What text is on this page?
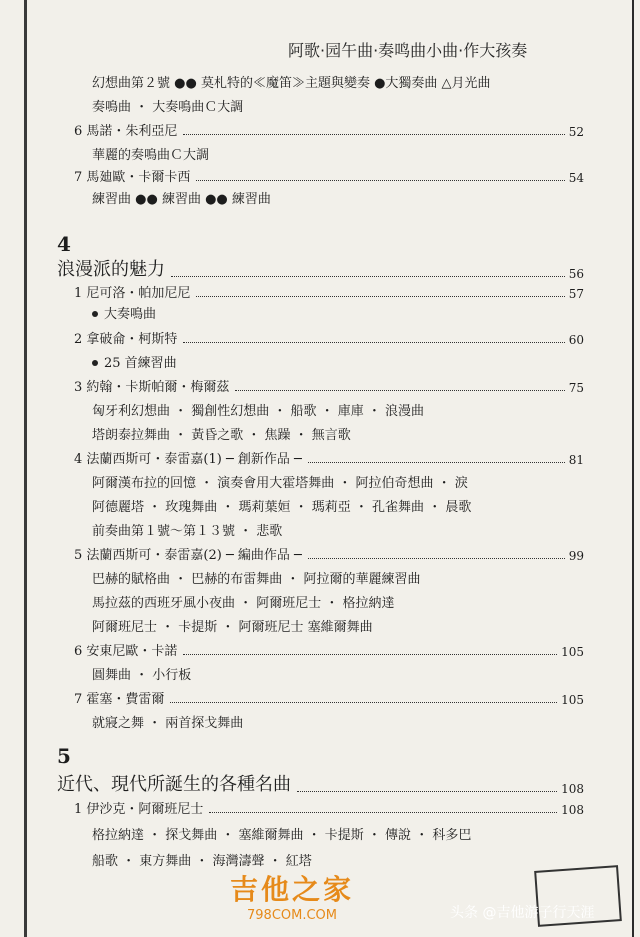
阿歌·园午曲·奏鸣曲小曲·作大孩奏
幻想曲第２號 ●● 莫札特的≪魔笛≫主題與變奏 ●大獨奏曲 △月光曲
奏鳴曲 ・ 大奏鳴曲Ｃ大調
6 馬諾・朱利亞尼	52
華麗的奏鳴曲Ｃ大調
7 馬廸歐・卡爾卡西	54
練習曲 ●● 練習曲 ●● 練習曲
4
浪漫派的魅力	56
1 尼可洛・帕加尼尼	57
大奏鳴曲
2 拿破侖・柯斯特	60
25 首練習曲
3 約翰・卡斯帕爾・梅爾茲	75
匈牙利幻想曲 ・ 獨創性幻想曲 ・ 船歌 ・ 庫庫 ・ 浪漫曲
塔朗泰拉舞曲 ・ 黃昏之歌 ・ 焦躁 ・ 無言歌
4 法蘭西斯可・泰雷嘉(1) ─ 創新作品 ─	81
阿爾漢布拉的回憶 ・ 演奏會用大霍塔舞曲 ・ 阿拉伯奇想曲 ・ 淚
阿德麗塔 ・ 玫瑰舞曲 ・ 瑪莉葉姮 ・ 瑪莉亞 ・ 孔雀舞曲 ・ 晨歌
前奏曲第１號～第１３號 ・ 悲歌
5 法蘭西斯可・泰雷嘉(2) ─ 編曲作品 ─	99
巴赫的賦格曲 ・ 巴赫的布雷舞曲 ・ 阿拉爾的華麗練習曲
馬拉茲的西班牙風小夜曲 ・ 阿爾班尼士 ・ 格拉納達
阿爾班尼士 ・ 卡提斯 ・ 阿爾班尼士 塞維爾舞曲
6 安東尼歐・卡諾	105
圓舞曲 ・ 小行板
7 霍塞・費雷爾	105
就寢之舞 ・ 兩首探戈舞曲
5
近代、現代所誕生的各種名曲	108
1 伊沙克・阿爾班尼士	108
格拉納達 ・ 探戈舞曲 ・ 塞維爾舞曲 ・ 卡提斯 ・ 傳說 ・ 科多巴
船歌 ・ 東方舞曲 ・ 海灣濤聲 ・ 紅塔
吉他之家
798COM.COM	头条 @吉他游子行天涯
